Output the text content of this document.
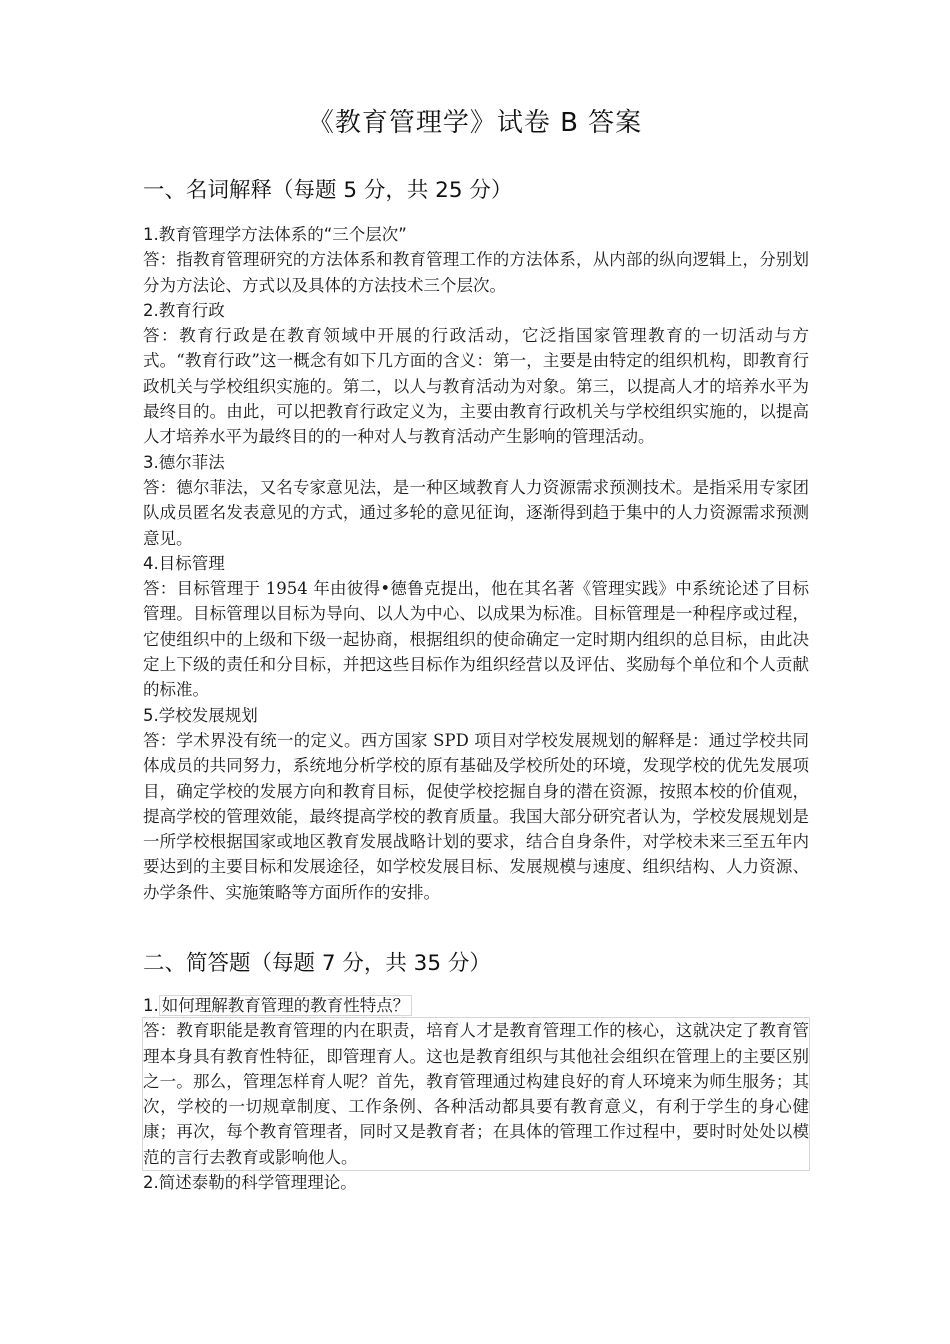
《教育管理学》试卷 B 答案
一、名词解释（每题 5 分，共 25 分）

1.教育管理学方法体系的“三个层次”

答：指教育管理研究的方法体系和教育管理工作的方法体系，从内部的纵向逻辑上，分别划分为方法论、方式以及具体的方法技术三个层次。

2.教育行政

答：教育行政是在教育领域中开展的行政活动，它泛指国家管理教育的一切活动与方式。“教育行政”这一概念有如下几方面的含义：第一，主要是由特定的组织机构，即教育行政机关与学校组织实施的。第二，以人与教育活动为对象。第三，以提高人才的培养水平为最终目的。由此，可以把教育行政定义为，主要由教育行政机关与学校组织实施的，以提高人才培养水平为最终目的的一种对人与教育活动产生影响的管理活动。

3.德尔菲法

答：德尔菲法，又名专家意见法，是一种区域教育人力资源需求预测技术。是指采用专家团队成员匿名发表意见的方式，通过多轮的意见征询，逐渐得到趋于集中的人力资源需求预测意见。

4.目标管理

答：目标管理于 1954 年由彼得•德鲁克提出，他在其名著《管理实践》中系统论述了目标管理。目标管理以目标为导向、以人为中心、以成果为标准。目标管理是一种程序或过程，它使组织中的上级和下级一起协商，根据组织的使命确定一定时期内组织的总目标，由此决定上下级的责任和分目标，并把这些目标作为组织经营以及评估、奖励每个单位和个人贡献的标准。

5.学校发展规划

答：学术界没有统一的定义。西方国家 SPD 项目对学校发展规划的解释是：通过学校共同体成员的共同努力，系统地分析学校的原有基础及学校所处的环境，发现学校的优先发展项目，确定学校的发展方向和教育目标，促使学校挖掘自身的潜在资源，按照本校的价值观，提高学校的管理效能，最终提高学校的教育质量。我国大部分研究者认为，学校发展规划是一所学校根据国家或地区教育发展战略计划的要求，结合自身条件，对学校未来三至五年内要达到的主要目标和发展途径，如学校发展目标、发展规模与速度、组织结构、人力资源、办学条件、实施策略等方面所作的安排。

二、简答题（每题 7 分，共 35 分）

1. 如何理解教育管理的教育性特点？

答：教育职能是教育管理的内在职责，培育人才是教育管理工作的核心，这就决定了教育管理本身具有教育性特征，即管理育人。这也是教育组织与其他社会组织在管理上的主要区别之一。那么，管理怎样育人呢？首先，教育管理通过构建良好的育人环境来为师生服务；其次，学校的一切规章制度、工作条例、各种活动都具要有教育意义，有利于学生的身心健康；再次，每个教育管理者，同时又是教育者；在具体的管理工作过程中，要时时处处以模范的言行去教育或影响他人。

2.简述泰勒的科学管理理论。
